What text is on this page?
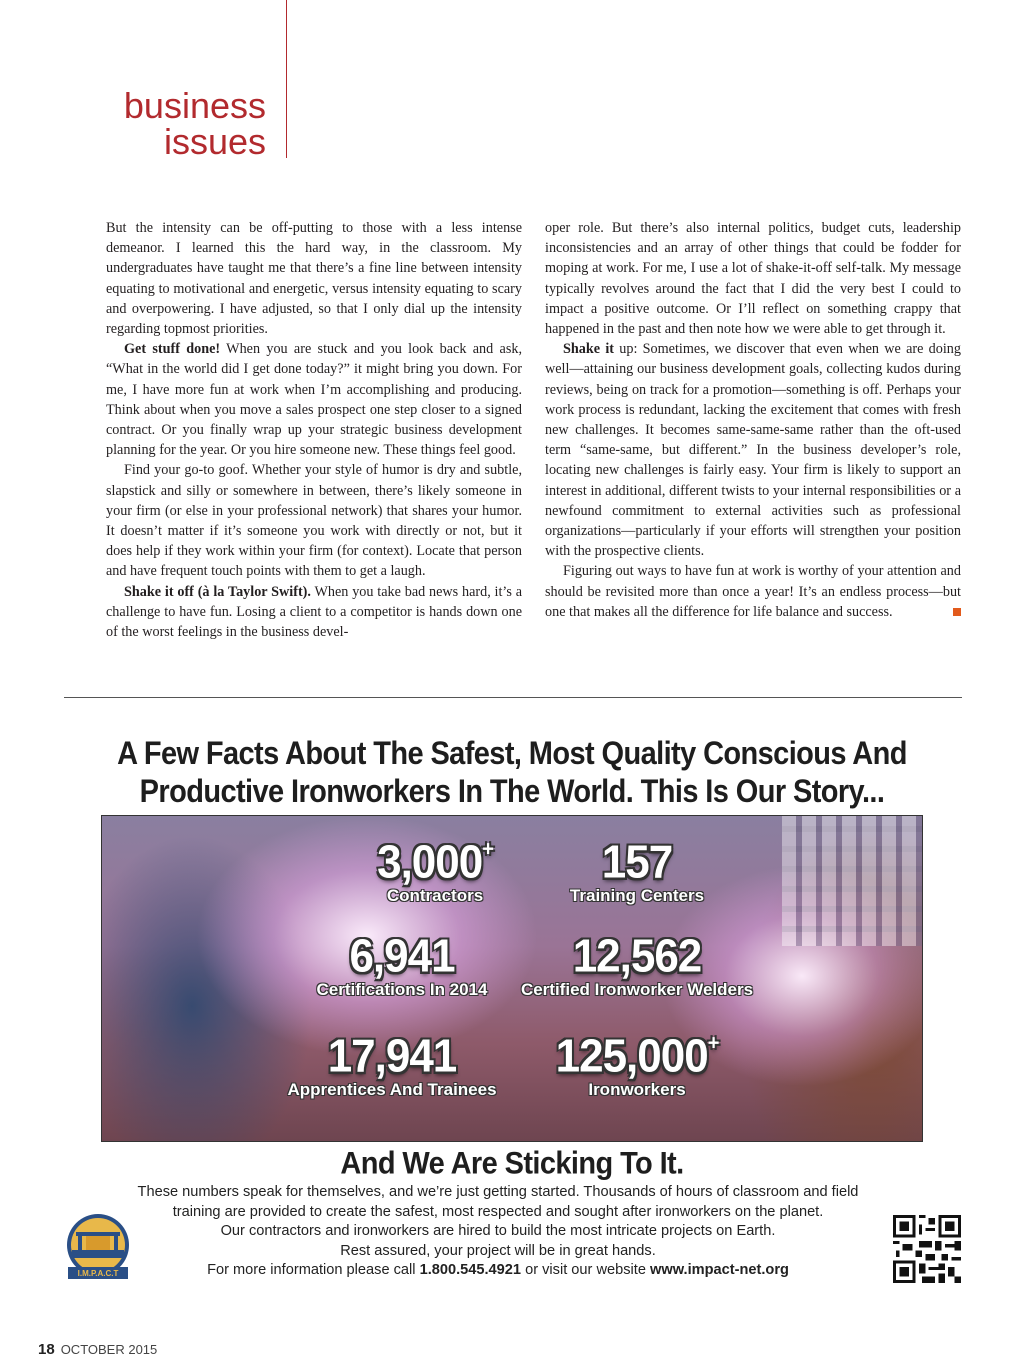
business
issues

But the intensity can be off-putting to those with a less intense demeanor. I learned this the hard way, in the classroom. My undergraduates have taught me that there’s a fine line between intensity equating to motivational and energetic, versus intensity equating to scary and overpowering. I have adjusted, so that I only dial up the intensity regarding topmost priorities.

Get stuff done! When you are stuck and you look back and ask, “What in the world did I get done today?” it might bring you down. For me, I have more fun at work when I’m accomplishing and producing. Think about when you move a sales prospect one step closer to a signed contract. Or you finally wrap up your strategic business development planning for the year. Or you hire someone new. These things feel good.

Find your go-to goof. Whether your style of humor is dry and subtle, slapstick and silly or somewhere in between, there’s likely someone in your firm (or else in your professional network) that shares your humor. It doesn’t matter if it’s someone you work with directly or not, but it does help if they work within your firm (for context). Locate that person and have frequent touch points with them to get a laugh.

Shake it off (à la Taylor Swift). When you take bad news hard, it’s a challenge to have fun. Losing a client to a competitor is hands down one of the worst feelings in the business devel-

oper role. But there’s also internal politics, budget cuts, leadership inconsistencies and an array of other things that could be fodder for moping at work. For me, I use a lot of shake-it-off self-talk. My message typically revolves around the fact that I did the very best I could to impact a positive outcome. Or I’ll reflect on something crappy that happened in the past and then note how we were able to get through it.

Shake it up: Sometimes, we discover that even when we are doing well—attaining our business development goals, collecting kudos during reviews, being on track for a promotion—something is off. Perhaps your work process is redundant, lacking the excitement that comes with fresh new challenges. It becomes same-same-same rather than the oft-used term “same-same, but different.” In the business developer’s role, locating new challenges is fairly easy. Your firm is likely to support an interest in additional, different twists to your internal responsibilities or a newfound commitment to external activities such as professional organizations—particularly if your efforts will strengthen your position with the prospective clients.

Figuring out ways to have fun at work is worthy of your attention and should be revisited more than once a year! It’s an endless process—but one that makes all the difference for life balance and success.

A Few Facts About The Safest, Most Quality Conscious And
Productive Ironworkers In The World. This Is Our Story...
3,000+
Contractors
157
Training Centers
6,941
Certifications In 2014
12,562
Certified Ironworker Welders
17,941
Apprentices And Trainees
125,000+
Ironworkers
And We Are Sticking To It.
These numbers speak for themselves, and we’re just getting started. Thousands of hours of classroom and field
training are provided to create the safest, most respected and sought after ironworkers on the planet.
Our contractors and ironworkers are hired to build the most intricate projects on Earth.
Rest assured, your project will be in great hands.
For more information please call 1.800.545.4921 or visit our website www.impact-net.org
I.M.P.A.C.T
18 OCTOBER 2015
